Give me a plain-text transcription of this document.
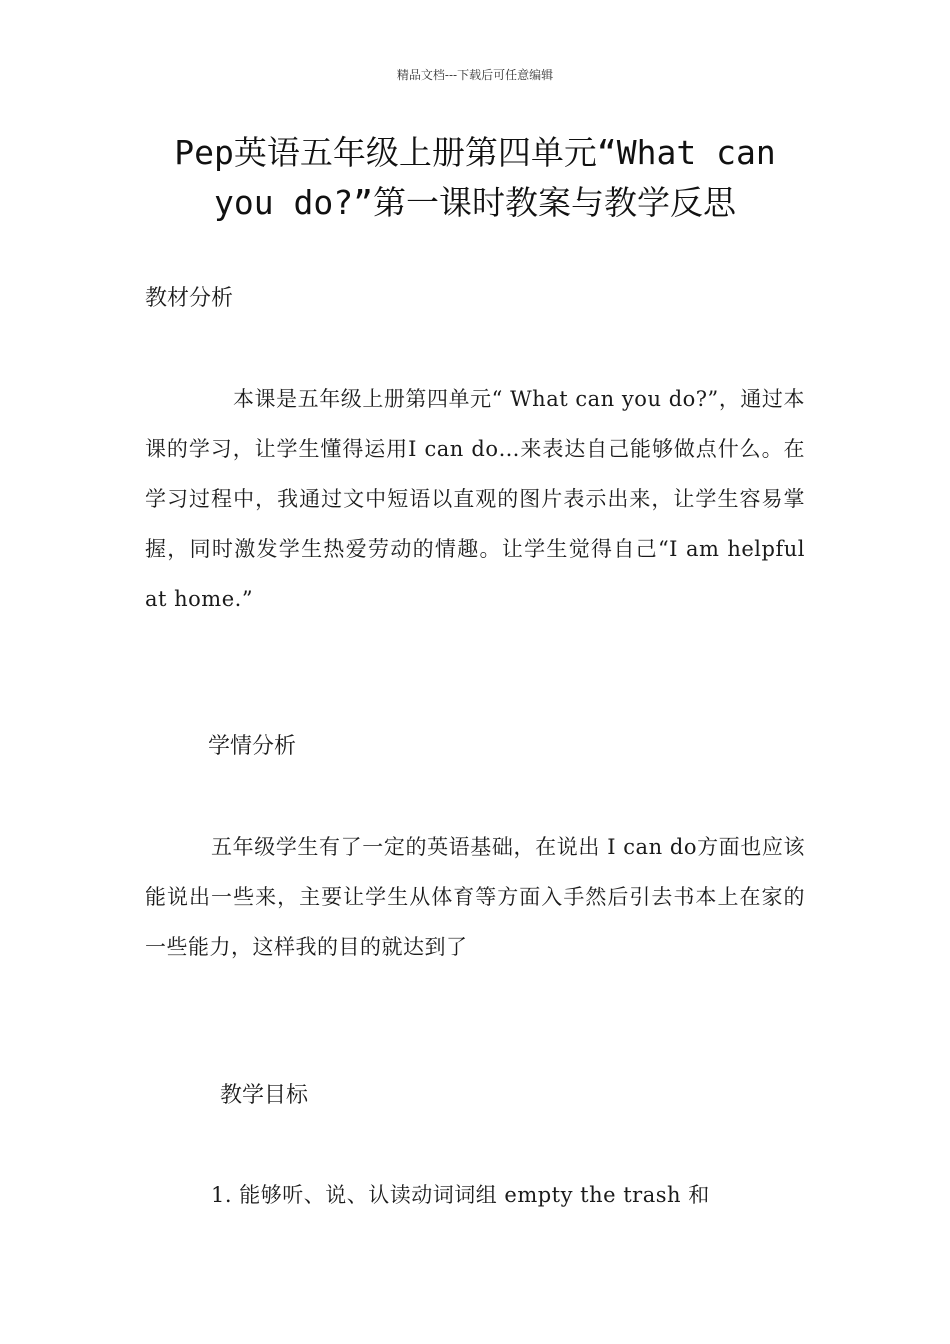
精品文档---下载后可任意编辑
Pep英语五年级上册第四单元“What can you do?”第一课时教案与教学反思
教材分析
本课是五年级上册第四单元“ What can you do?”，通过本课的学习，让学生懂得运用I can do…来表达自己能够做点什么。在学习过程中，我通过文中短语以直观的图片表示出来，让学生容易掌握，同时激发学生热爱劳动的情趣。让学生觉得自己“I am helpful at home.”
学情分析
五年级学生有了一定的英语基础，在说出 I can do方面也应该能说出一些来，主要让学生从体育等方面入手然后引去书本上在家的一些能力，这样我的目的就达到了
教学目标
1. 能够听、说、认读动词词组 empty the trash 和
